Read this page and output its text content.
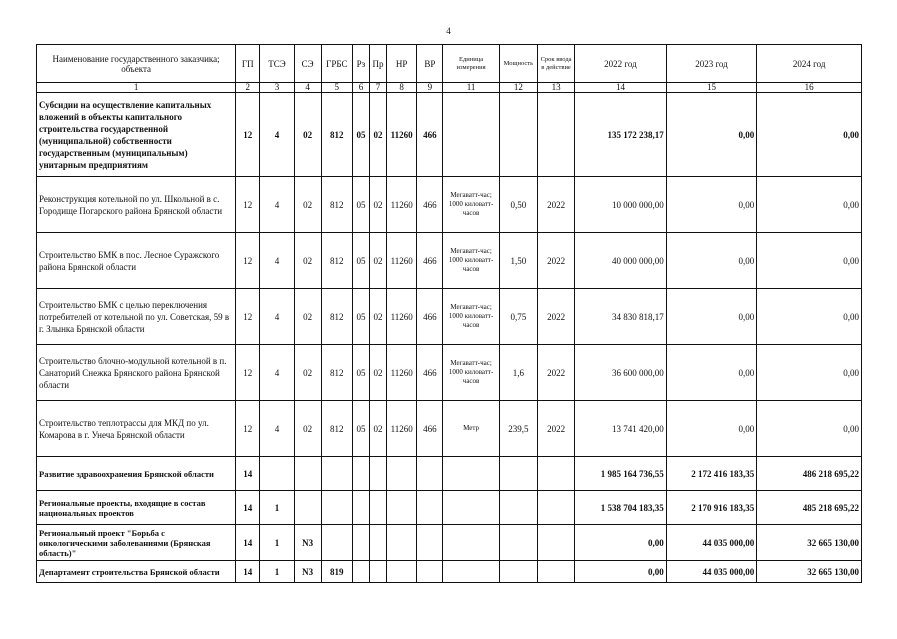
4
Наименование государственного заказчика; объекта	ГП	ТСЭ	СЭ	ГРБС	Рз	Пр	НР	ВР	Единица измерения	Мощность	Срок ввода в действие	2022 год	2023 год	2024 год
1	2	3	4	5	6	7	8	9	11	12	13	14	15	16
Субсидии на осуществление капитальных вложений в объекты капитального строительства государственной (муниципальной) собственности государственным (муниципальным) унитарным предприятиям	12	4	02	812	05	02	11260	466				135 172 238,17	0,00	0,00
Реконструкция котельной по ул. Школьной в с. Городище Погарского района Брянской области	12	4	02	812	05	02	11260	466	Мегаватт-час; 1000 киловатт-часов	0,50	2022	10 000 000,00	0,00	0,00
Строительство БМК в пос. Лесное Суражского района Брянской области	12	4	02	812	05	02	11260	466	Мегаватт-час; 1000 киловатт-часов	1,50	2022	40 000 000,00	0,00	0,00
Строительство БМК с целью переключения потребителей от котельной по ул. Советская, 59 в г. Злынка Брянской области	12	4	02	812	05	02	11260	466	Мегаватт-час; 1000 киловатт-часов	0,75	2022	34 830 818,17	0,00	0,00
Строительство блочно-модульной котельной в п. Санаторий Снежка Брянского района Брянской области	12	4	02	812	05	02	11260	466	Мегаватт-час; 1000 киловатт-часов	1,6	2022	36 600 000,00	0,00	0,00
Строительство теплотрассы для МКД по ул. Комарова в г. Унеча Брянской области	12	4	02	812	05	02	11260	466	Метр	239,5	2022	13 741 420,00	0,00	0,00
Развитие здравоохранения Брянской области	14											1 985 164 736,55	2 172 416 183,35	486 218 695,22
Региональные проекты, входящие в состав национальных проектов	14	1										1 538 704 183,35	2 170 916 183,35	485 218 695,22
Региональный проект "Борьба с онкологическими заболеваниями (Брянская область)"	14	1	N3									0,00	44 035 000,00	32 665 130,00
Департамент строительства Брянской области	14	1	N3	819								0,00	44 035 000,00	32 665 130,00
